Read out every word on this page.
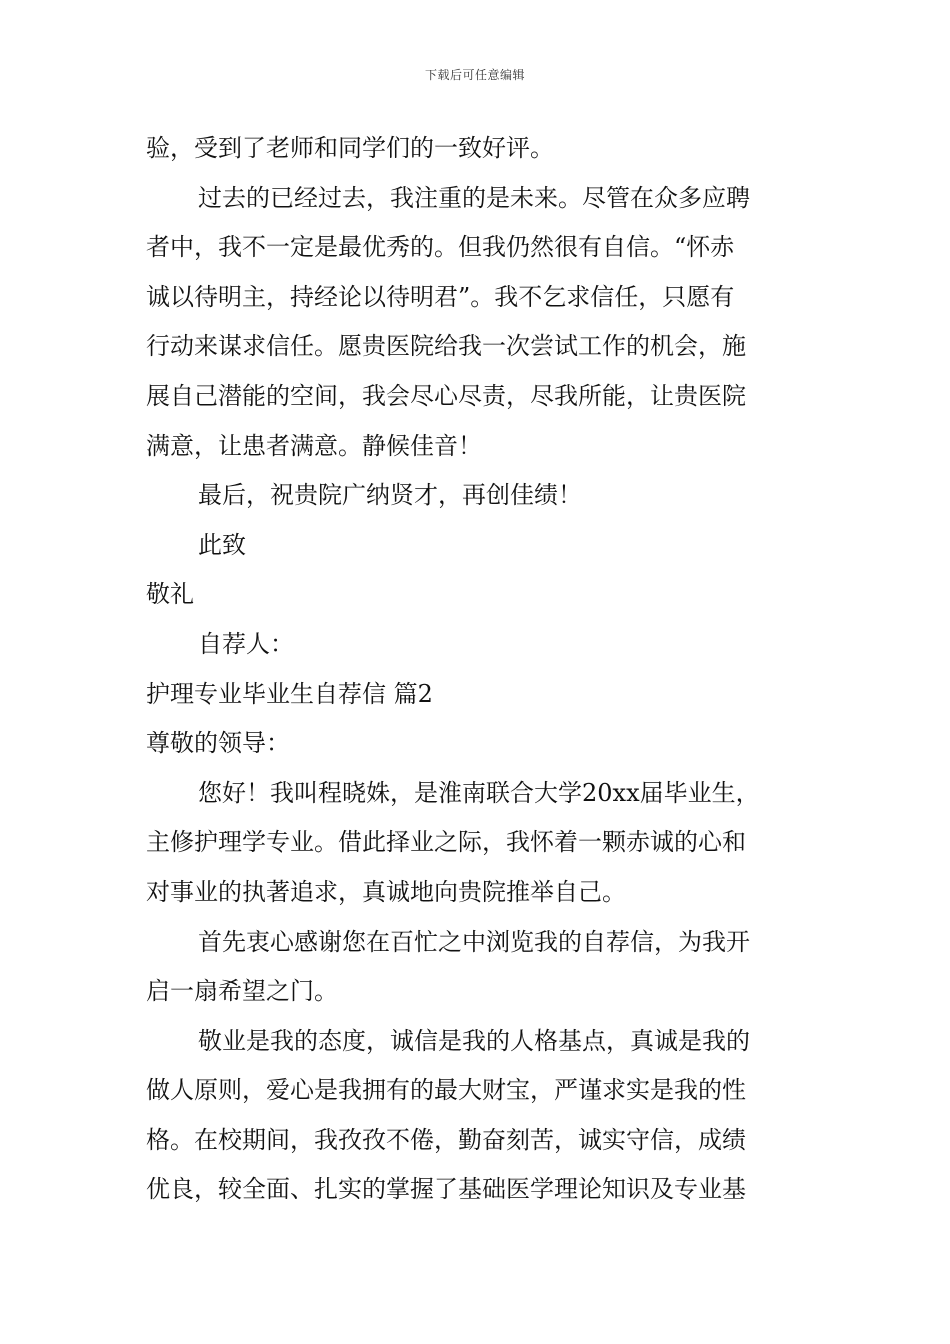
下载后可任意编辑
验，受到了老师和同学们的一致好评。
过去的已经过去，我注重的是未来。尽管在众多应聘
者中，我不一定是最优秀的。但我仍然很有自信。“怀赤
诚以待明主，持经论以待明君”。我不乞求信任，只愿有
行动来谋求信任。愿贵医院给我一次尝试工作的机会，施
展自己潜能的空间，我会尽心尽责，尽我所能，让贵医院
满意，让患者满意。静候佳音！
最后，祝贵院广纳贤才，再创佳绩！
此致
敬礼
自荐人：
护理专业毕业生自荐信 篇2
尊敬的领导：
您好！我叫程晓姝，是淮南联合大学20xx届毕业生，
主修护理学专业。借此择业之际，我怀着一颗赤诚的心和
对事业的执著追求，真诚地向贵院推举自己。
首先衷心感谢您在百忙之中浏览我的自荐信，为我开
启一扇希望之门。
敬业是我的态度，诚信是我的人格基点，真诚是我的
做人原则，爱心是我拥有的最大财宝，严谨求实是我的性
格。在校期间，我孜孜不倦，勤奋刻苦，诚实守信，成绩
优良，较全面、扎实的掌握了基础医学理论知识及专业基
